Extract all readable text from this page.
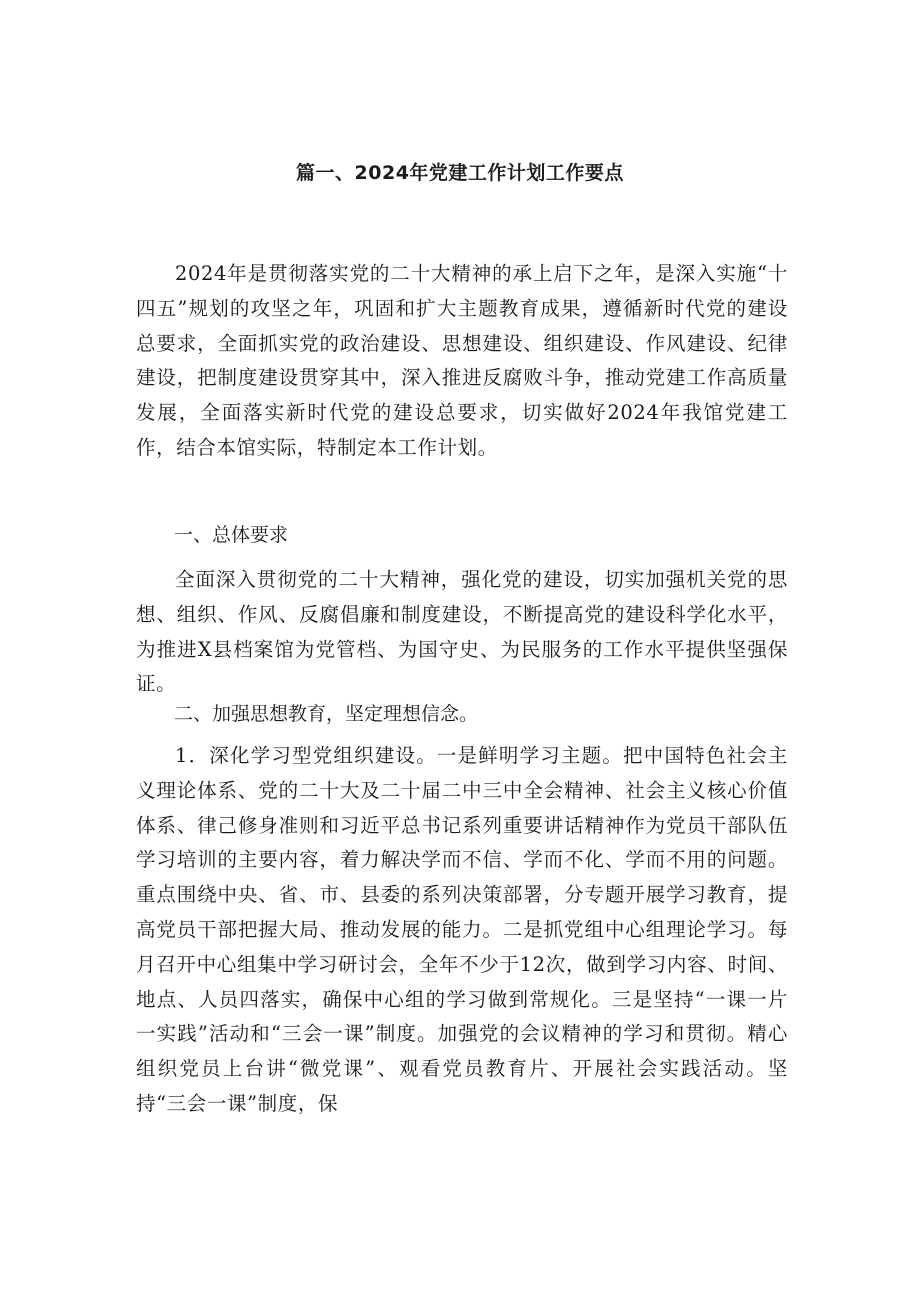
篇一、2024年党建工作计划工作要点

2024年是贯彻落实党的二十大精神的承上启下之年，是深入实施“十四五”规划的攻坚之年，巩固和扩大主题教育成果，遵循新时代党的建设总要求，全面抓实党的政治建设、思想建设、组织建设、作风建设、纪律建设，把制度建设贯穿其中，深入推进反腐败斗争，推动党建工作高质量发展，全面落实新时代党的建设总要求，切实做好2024年我馆党建工作，结合本馆实际，特制定本工作计划。

一、总体要求

全面深入贯彻党的二十大精神，强化党的建设，切实加强机关党的思想、组织、作风、反腐倡廉和制度建设，不断提高党的建设科学化水平，为推进X县档案馆为党管档、为国守史、为民服务的工作水平提供坚强保证。

二、加强思想教育，坚定理想信念。

1．深化学习型党组织建设。一是鲜明学习主题。把中国特色社会主义理论体系、党的二十大及二十届二中三中全会精神、社会主义核心价值体系、律己修身准则和习近平总书记系列重要讲话精神作为党员干部队伍学习培训的主要内容，着力解决学而不信、学而不化、学而不用的问题。重点围绕中央、省、市、县委的系列决策部署，分专题开展学习教育，提高党员干部把握大局、推动发展的能力。二是抓党组中心组理论学习。每月召开中心组集中学习研讨会，全年不少于12次，做到学习内容、时间、地点、人员四落实，确保中心组的学习做到常规化。三是坚持“一课一片一实践”活动和“三会一课”制度。加强党的会议精神的学习和贯彻。精心组织党员上台讲“微党课”、观看党员教育片、开展社会实践活动。坚持“三会一课”制度，保
